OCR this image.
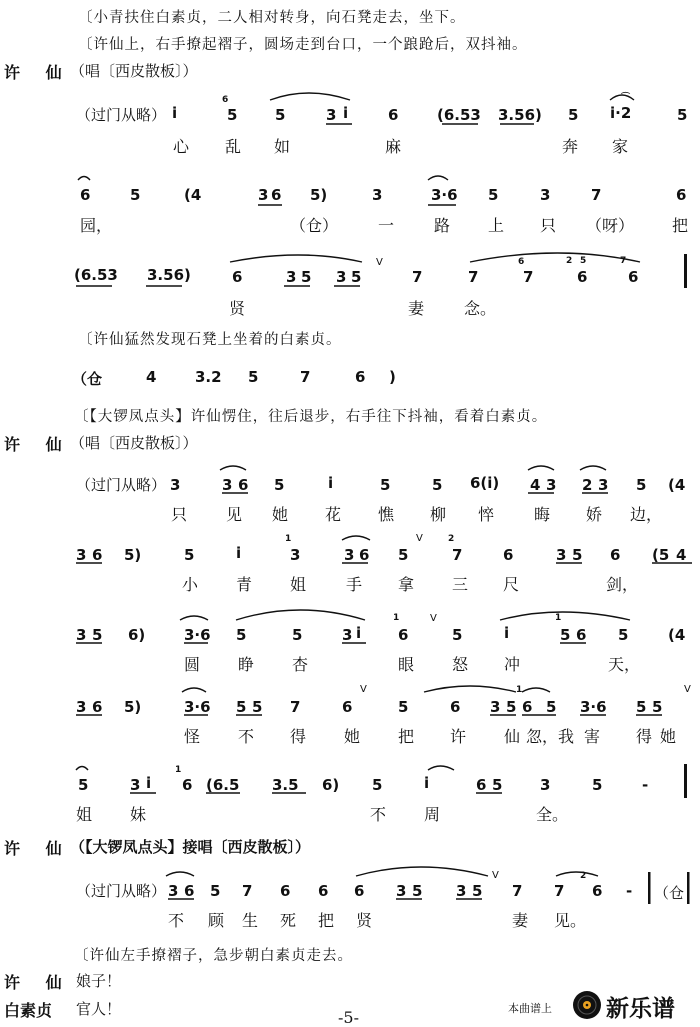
〔小青扶住白素贞，二人相对转身，向石凳走去，坐下。
〔许仙上，右手撩起褶子，圆场走到台口，一个踉跄后，双抖袖。
许 仙
（唱〔西皮散板〕）
（过门从略） i	5	5	3 i	6	(6.53 3.56) 5 i·2	5
心 乱 如	麻	奔 家
6	5	(4	3 6 5)	3	3·6 5	3	7	6
园，	（仓） 一 路 上 只 （呀） 把
(6.53 3.56)	6	3 5 3 5	7	7	7	6	6
贤	妻 念。
〔许仙猛然发现石凳上坐着的白素贞。
（仓	4	3.2 5	7	6 )
〔【大锣凤点头】许仙愣住，往后退步，右手往下抖袖，看着白素贞。
许 仙
（唱〔西皮散板〕）
（过门从略） 3	3 6 5	i	5	5 6(i) 4 3 2 3 5 (4
只 见 她 花 憔 柳 悴 晦 娇 边，
3 6 5)	5	i	3	3 6 5	7	6	3 5 6 (5 4
小 青 姐 手 拿 三 尺	剑，
3 5 6)	3·6 5	5	3 i 6	5	i	5 6 5	(4
圆 睁 杏	眼 怒 冲	天，
3 6 5)	3·6 5 5 7	6	5	6 3 5 6 5 3·6 5 5
怪 不 得 她 把 许 仙 忽，我 害 得 她
5	3 i 6 (6.5 3.5 6) 5	i	6 5	3	5	-
姐 妹	不 周	全。
许 仙
（【大锣凤点头】接唱〔西皮散板〕）
（过门从略） 3 6 5 7 6 6 6 3 5 3 5 7 7 6 - （仓
不 顾 生 死 把 贤	妻 见。
〔许仙左手撩褶子，急步朝白素贞走去。
许 仙 娘子！
白素贞 官人！	-5-	本曲谱上 新乐谱
6	⌒
5
2	7
6
1	2
1	1
1
1
2
V
V
V
V	V
V
